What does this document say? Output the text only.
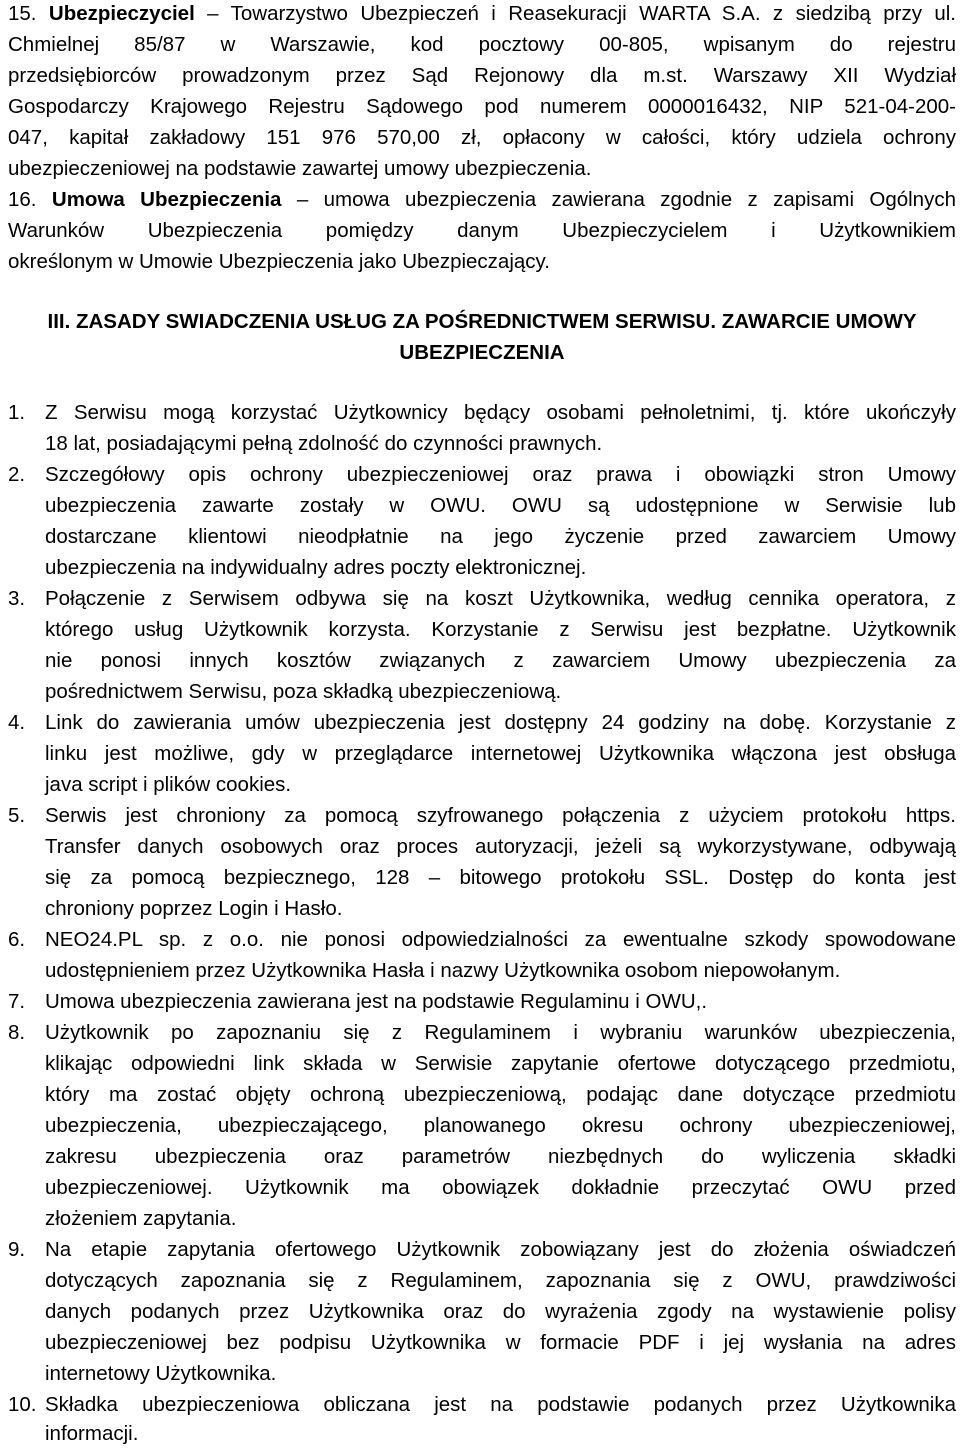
15. Ubezpieczyciel – Towarzystwo Ubezpieczeń i Reasekuracji WARTA S.A. z siedzibą przy ul.
Chmielnej 85/87 w Warszawie, kod pocztowy 00-805, wpisanym do rejestru
przedsiębiorców prowadzonym przez Sąd Rejonowy dla m.st. Warszawy XII Wydział
Gospodarczy Krajowego Rejestru Sądowego pod numerem 0000016432, NIP 521-04-200-
047, kapitał zakładowy 151 976 570,00 zł, opłacony w całości, który udziela ochrony
ubezpieczeniowej na podstawie zawartej umowy ubezpieczenia.
16. Umowa Ubezpieczenia – umowa ubezpieczenia zawierana zgodnie z zapisami Ogólnych
Warunków Ubezpieczenia pomiędzy danym Ubezpieczycielem i Użytkownikiem
określonym w Umowie Ubezpieczenia jako Ubezpieczający.
III. ZASADY SWIADCZENIA USŁUG ZA POŚREDNICTWEM SERWISU. ZAWARCIE UMOWY
UBEZPIECZENIA
1. Z Serwisu mogą korzystać Użytkownicy będący osobami pełnoletnimi, tj. które ukończyły
18 lat, posiadającymi pełną zdolność do czynności prawnych.
2. Szczegółowy opis ochrony ubezpieczeniowej oraz prawa i obowiązki stron Umowy
ubezpieczenia zawarte zostały w OWU. OWU są udostępnione w Serwisie lub
dostarczane klientowi nieodpłatnie na jego życzenie przed zawarciem Umowy
ubezpieczenia na indywidualny adres poczty elektronicznej.
3. Połączenie z Serwisem odbywa się na koszt Użytkownika, według cennika operatora, z
którego usług Użytkownik korzysta. Korzystanie z Serwisu jest bezpłatne. Użytkownik
nie ponosi innych kosztów związanych z zawarciem Umowy ubezpieczenia za
pośrednictwem Serwisu, poza składką ubezpieczeniową.
4. Link do zawierania umów ubezpieczenia jest dostępny 24 godziny na dobę. Korzystanie z
linku jest możliwe, gdy w przeglądarce internetowej Użytkownika włączona jest obsługa
java script i plików cookies.
5. Serwis jest chroniony za pomocą szyfrowanego połączenia z użyciem protokołu https.
Transfer danych osobowych oraz proces autoryzacji, jeżeli są wykorzystywane, odbywają
się za pomocą bezpiecznego, 128 – bitowego protokołu SSL. Dostęp do konta jest
chroniony poprzez Login i Hasło.
6. NEO24.PL sp. z o.o. nie ponosi odpowiedzialności za ewentualne szkody spowodowane
udostępnieniem przez Użytkownika Hasła i nazwy Użytkownika osobom niepowołanym.
7. Umowa ubezpieczenia zawierana jest na podstawie Regulaminu i OWU,.
8. Użytkownik po zapoznaniu się z Regulaminem i wybraniu warunków ubezpieczenia,
klikając odpowiedni link składa w Serwisie zapytanie ofertowe dotyczącego przedmiotu,
który ma zostać objęty ochroną ubezpieczeniową, podając dane dotyczące przedmiotu
ubezpieczenia, ubezpieczającego, planowanego okresu ochrony ubezpieczeniowej,
zakresu ubezpieczenia oraz parametrów niezbędnych do wyliczenia składki
ubezpieczeniowej. Użytkownik ma obowiązek dokładnie przeczytać OWU przed
złożeniem zapytania.
9. Na etapie zapytania ofertowego Użytkownik zobowiązany jest do złożenia oświadczeń
dotyczących zapoznania się z Regulaminem, zapoznania się z OWU, prawdziwości
danych podanych przez Użytkownika oraz do wyrażenia zgody na wystawienie polisy
ubezpieczeniowej bez podpisu Użytkownika w formacie PDF i jej wysłania na adres
internetowy Użytkownika.
10. Składka ubezpieczeniowa obliczana jest na podstawie podanych przez Użytkownika
informacji.
